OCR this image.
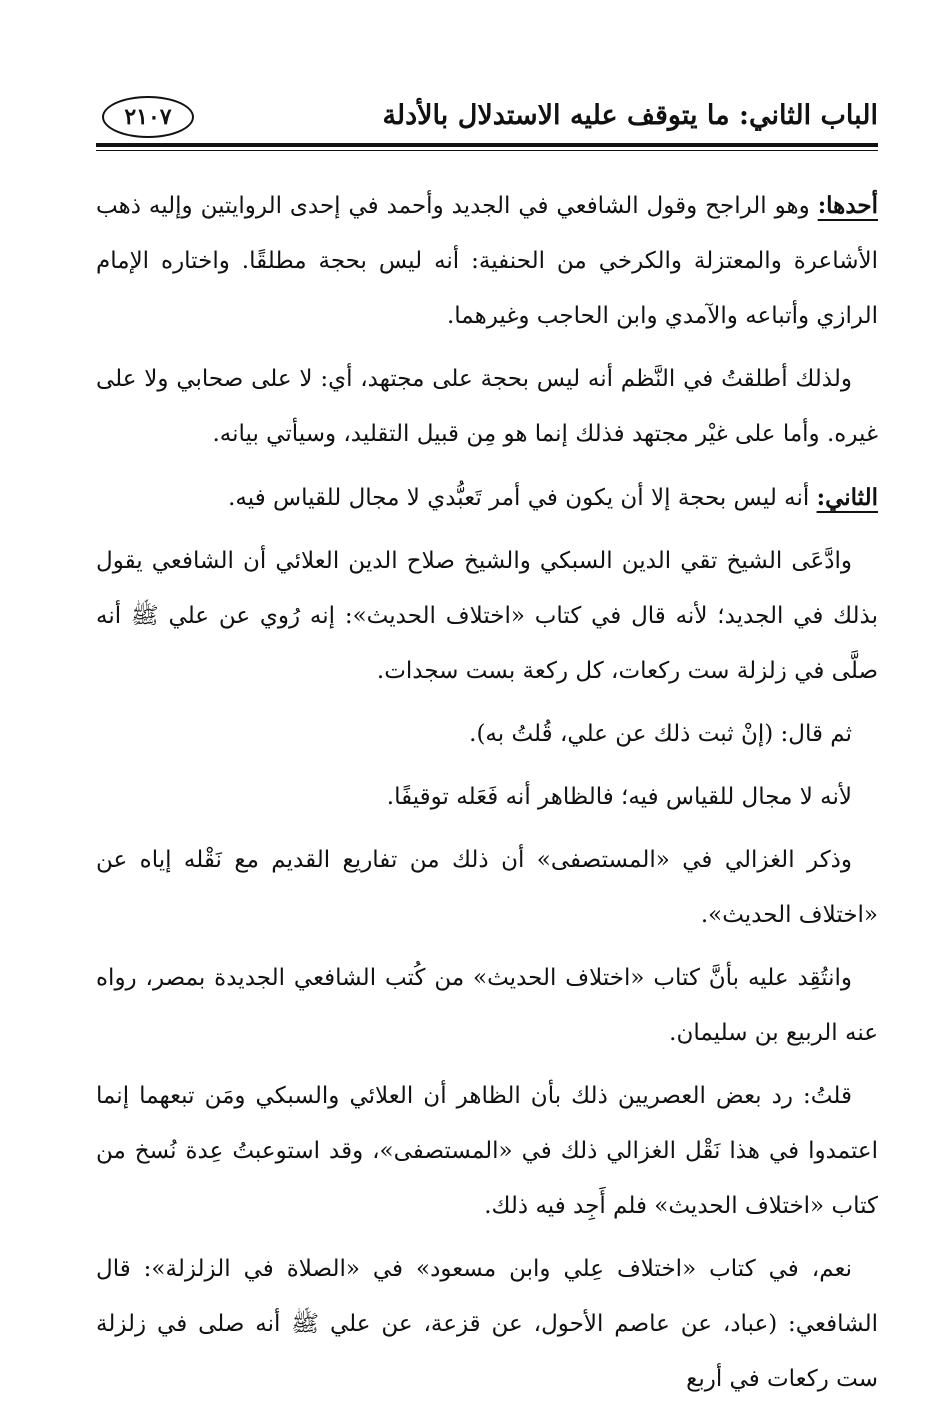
الباب الثاني: ما يتوقف عليه الاستدلال بالأدلة
٢١٠٧

أحدها: وهو الراجح وقول الشافعي في الجديد وأحمد في إحدى الروايتين وإليه ذهب الأشاعرة والمعتزلة والكرخي من الحنفية: أنه ليس بحجة مطلقًا. واختاره الإمام الرازي وأتباعه والآمدي وابن الحاجب وغيرهما.

ولذلك أطلقتُ في النَّظم أنه ليس بحجة على مجتهد، أي: لا على صحابي ولا على غيره. وأما على غيْر مجتهد فذلك إنما هو مِن قبيل التقليد، وسيأتي بيانه.

الثاني: أنه ليس بحجة إلا أن يكون في أمر تَعبُّدي لا مجال للقياس فيه.

وادَّعَى الشيخ تقي الدين السبكي والشيخ صلاح الدين العلائي أن الشافعي يقول بذلك في الجديد؛ لأنه قال في كتاب «اختلاف الحديث»: إنه رُوي عن علي ﷺ أنه صلَّى في زلزلة ست ركعات، كل ركعة بست سجدات.

ثم قال: (إنْ ثبت ذلك عن علي، قُلتُ به).

لأنه لا مجال للقياس فيه؛ فالظاهر أنه فَعَله توقيفًا.

وذكر الغزالي في «المستصفى» أن ذلك من تفاريع القديم مع نَقْله إياه عن «اختلاف الحديث».

وانتُقِد عليه بأنَّ كتاب «اختلاف الحديث» من كُتب الشافعي الجديدة بمصر، رواه عنه الربيع بن سليمان.

قلتُ: رد بعض العصريين ذلك بأن الظاهر أن العلائي والسبكي ومَن تبعهما إنما اعتمدوا في هذا نَقْل الغزالي ذلك في «المستصفى»، وقد استوعبتُ عِدة نُسخ من كتاب «اختلاف الحديث» فلم أَجِد فيه ذلك.

نعم، في كتاب «اختلاف عِلي وابن مسعود» في «الصلاة في الزلزلة»: قال الشافعي: (عباد، عن عاصم الأحول، عن قزعة، عن علي ﷺ أنه صلى في زلزلة ست ركعات في أربع
